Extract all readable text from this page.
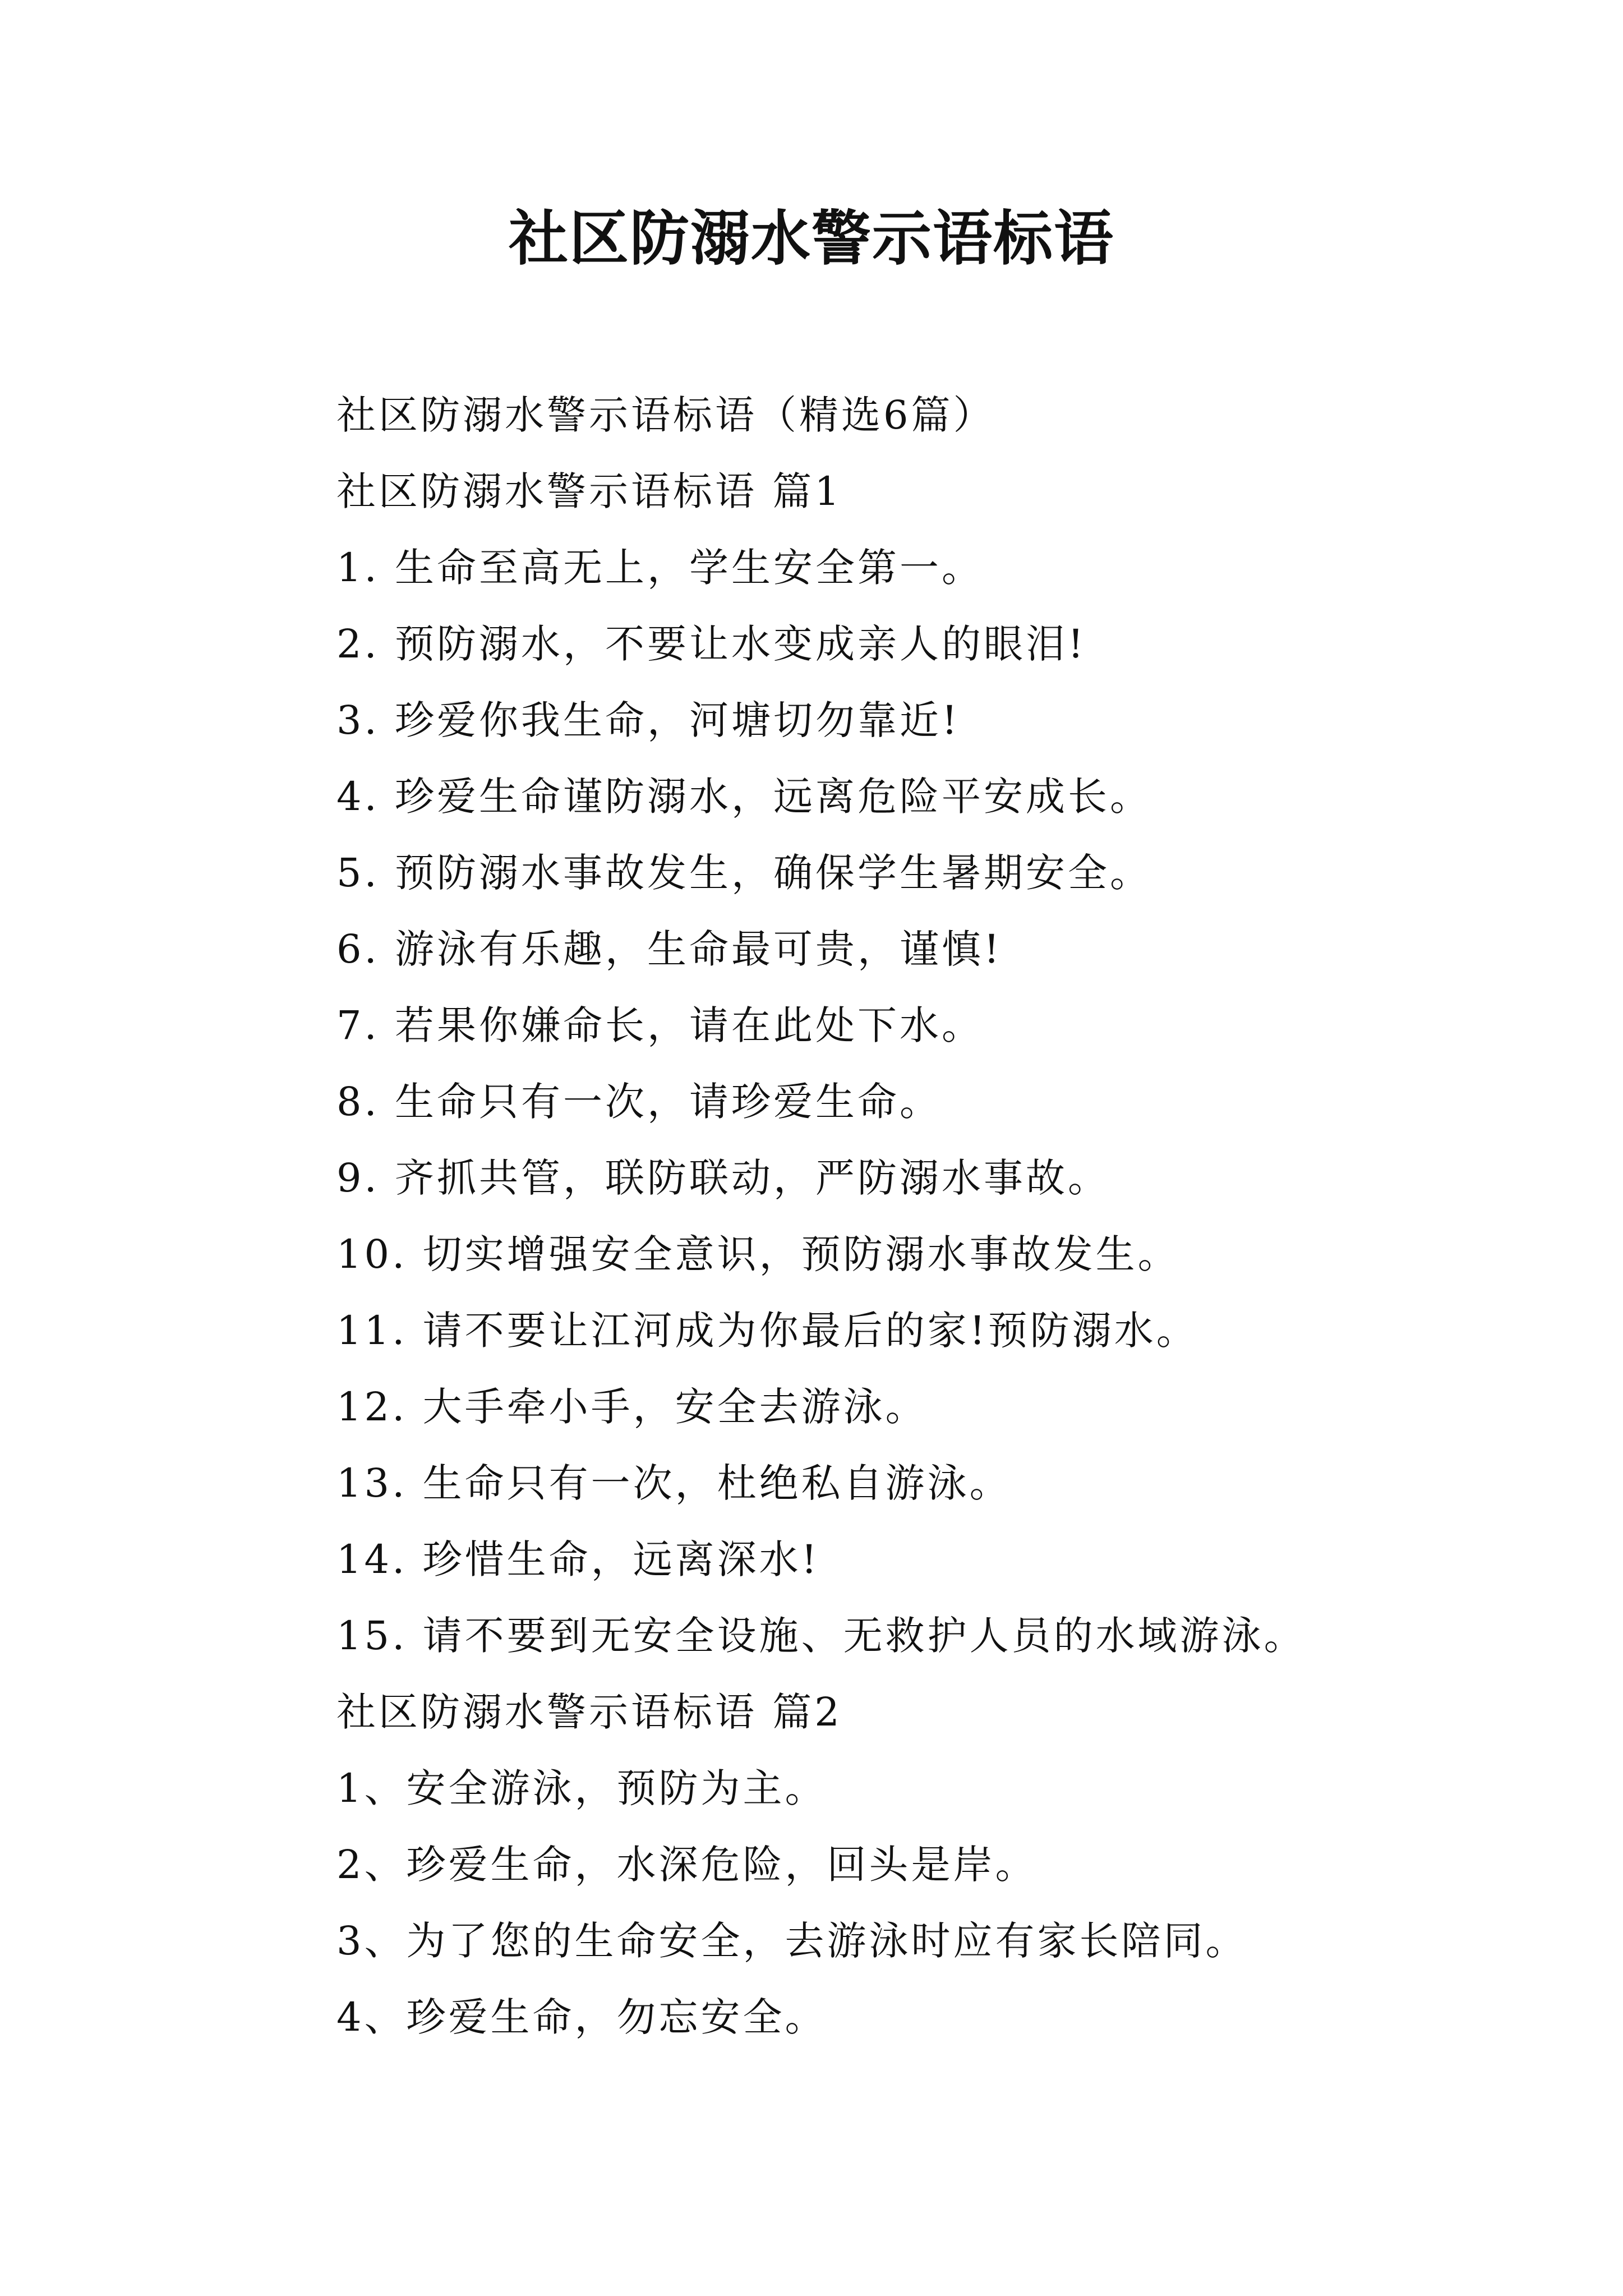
社区防溺水警示语标语
社区防溺水警示语标语（精选6篇）
社区防溺水警示语标语 篇1
1. 生命至高无上，学生安全第一。
2. 预防溺水，不要让水变成亲人的眼泪!
3. 珍爱你我生命，河塘切勿靠近!
4. 珍爱生命谨防溺水，远离危险平安成长。
5. 预防溺水事故发生，确保学生暑期安全。
6. 游泳有乐趣，生命最可贵，谨慎!
7. 若果你嫌命长，请在此处下水。
8. 生命只有一次，请珍爱生命。
9. 齐抓共管，联防联动，严防溺水事故。
10. 切实增强安全意识，预防溺水事故发生。
11. 请不要让江河成为你最后的家!预防溺水。
12. 大手牵小手，安全去游泳。
13. 生命只有一次，杜绝私自游泳。
14. 珍惜生命，远离深水!
15. 请不要到无安全设施、无救护人员的水域游泳。
社区防溺水警示语标语 篇2
1、安全游泳，预防为主。
2、珍爱生命，水深危险，回头是岸。
3、为了您的生命安全，去游泳时应有家长陪同。
4、珍爱生命，勿忘安全。
